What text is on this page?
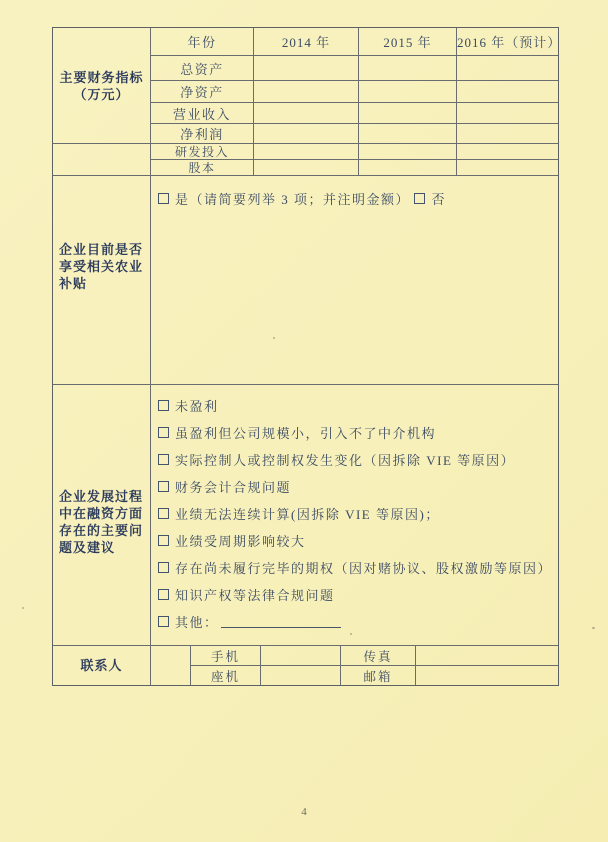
主要财务指标
（万元）
年份	2014 年	2015 年	2016 年（预计）
总资产
净资产
营业收入
净利润
研发投入
股本
企业目前是否
享受相关农业
补贴
是（请简要列举 3 项；并注明金额） 否
企业发展过程
中在融资方面
存在的主要问
题及建议
未盈利
虽盈利但公司规模小，引入不了中介机构
实际控制人或控制权发生变化（因拆除 VIE 等原因）
财务会计合规问题
业绩无法连续计算(因拆除 VIE 等原因)；
业绩受周期影响较大
存在尚未履行完毕的期权（因对赌协议、股权激励等原因）
知识产权等法律合规问题
其他：
联系人
手机	传真
座机	邮箱
4
